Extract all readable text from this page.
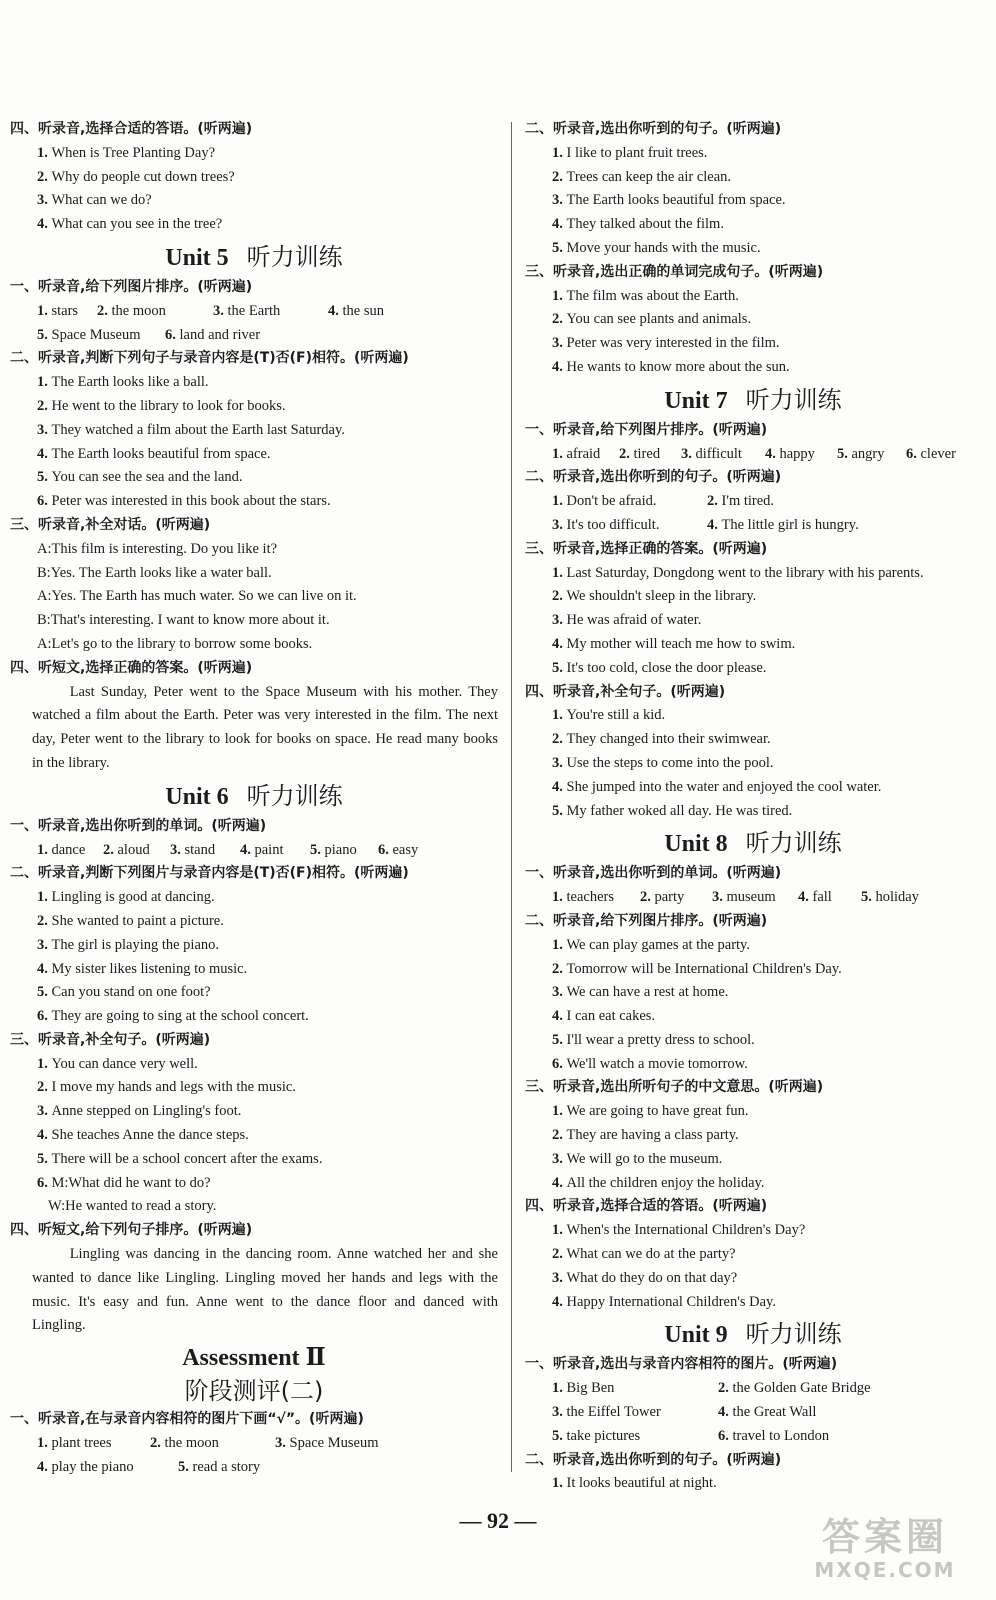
四、听录音,选择合适的答语。(听两遍)
1. When is Tree Planting Day?
2. Why do people cut down trees?
3. What can we do?
4. What can you see in the tree?
Unit 5 听力训练
一、听录音,给下列图片排序。(听两遍)
1. stars	2. the moon	3. the Earth	4. the sun
5. Space Museum	6. land and river
二、听录音,判断下列句子与录音内容是(T)否(F)相符。(听两遍)
1. The Earth looks like a ball.
2. He went to the library to look for books.
3. They watched a film about the Earth last Saturday.
4. The Earth looks beautiful from space.
5. You can see the sea and the land.
6. Peter was interested in this book about the stars.
三、听录音,补全对话。(听两遍)
A:This film is interesting. Do you like it?
B:Yes. The Earth looks like a water ball.
A:Yes. The Earth has much water. So we can live on it.
B:That's interesting. I want to know more about it.
A:Let's go to the library to borrow some books.
四、听短文,选择正确的答案。(听两遍)
Last Sunday, Peter went to the Space Museum with his mother. They watched a film about the Earth. Peter was very interested in the film. The next day, Peter went to the library to look for books on space. He read many books in the library.
Unit 6 听力训练
一、听录音,选出你听到的单词。(听两遍)
1. dance	2. aloud	3. stand	4. paint	5. piano	6. easy
二、听录音,判断下列图片与录音内容是(T)否(F)相符。(听两遍)
1. Lingling is good at dancing.
2. She wanted to paint a picture.
3. The girl is playing the piano.
4. My sister likes listening to music.
5. Can you stand on one foot?
6. They are going to sing at the school concert.
三、听录音,补全句子。(听两遍)
1. You can dance very well.
2. I move my hands and legs with the music.
3. Anne stepped on Lingling's foot.
4. She teaches Anne the dance steps.
5. There will be a school concert after the exams.
6. M:What did he want to do?
W:He wanted to read a story.
四、听短文,给下列句子排序。(听两遍)
Lingling was dancing in the dancing room. Anne watched her and she wanted to dance like Lingling. Lingling moved her hands and legs with the music. It's easy and fun. Anne went to the dance floor and danced with Lingling.
Assessment Ⅱ
阶段测评(二)
一、听录音,在与录音内容相符的图片下画“√”。(听两遍)
1. plant trees	2. the moon	3. Space Museum
4. play the piano	5. read a story
二、听录音,选出你听到的句子。(听两遍)
1. I like to plant fruit trees.
2. Trees can keep the air clean.
3. The Earth looks beautiful from space.
4. They talked about the film.
5. Move your hands with the music.
三、听录音,选出正确的单词完成句子。(听两遍)
1. The film was about the Earth.
2. You can see plants and animals.
3. Peter was very interested in the film.
4. He wants to know more about the sun.
Unit 7 听力训练
一、听录音,给下列图片排序。(听两遍)
1. afraid	2. tired	3. difficult	4. happy	5. angry	6. clever
二、听录音,选出你听到的句子。(听两遍)
1. Don't be afraid.	2. I'm tired.
3. It's too difficult.	4. The little girl is hungry.
三、听录音,选择正确的答案。(听两遍)
1. Last Saturday, Dongdong went to the library with his parents.
2. We shouldn't sleep in the library.
3. He was afraid of water.
4. My mother will teach me how to swim.
5. It's too cold, close the door please.
四、听录音,补全句子。(听两遍)
1. You're still a kid.
2. They changed into their swimwear.
3. Use the steps to come into the pool.
4. She jumped into the water and enjoyed the cool water.
5. My father woked all day. He was tired.
Unit 8 听力训练
一、听录音,选出你听到的单词。(听两遍)
1. teachers	2. party	3. museum	4. fall	5. holiday
二、听录音,给下列图片排序。(听两遍)
1. We can play games at the party.
2. Tomorrow will be International Children's Day.
3. We can have a rest at home.
4. I can eat cakes.
5. I'll wear a pretty dress to school.
6. We'll watch a movie tomorrow.
三、听录音,选出所听句子的中文意思。(听两遍)
1. We are going to have great fun.
2. They are having a class party.
3. We will go to the museum.
4. All the children enjoy the holiday.
四、听录音,选择合适的答语。(听两遍)
1. When's the International Children's Day?
2. What can we do at the party?
3. What do they do on that day?
4. Happy International Children's Day.
Unit 9 听力训练
一、听录音,选出与录音内容相符的图片。(听两遍)
1. Big Ben	2. the Golden Gate Bridge
3. the Eiffel Tower	4. the Great Wall
5. take pictures	6. travel to London
二、听录音,选出你听到的句子。(听两遍)
1. It looks beautiful at night.
— 92 —	答案圈
MXQE.COM
